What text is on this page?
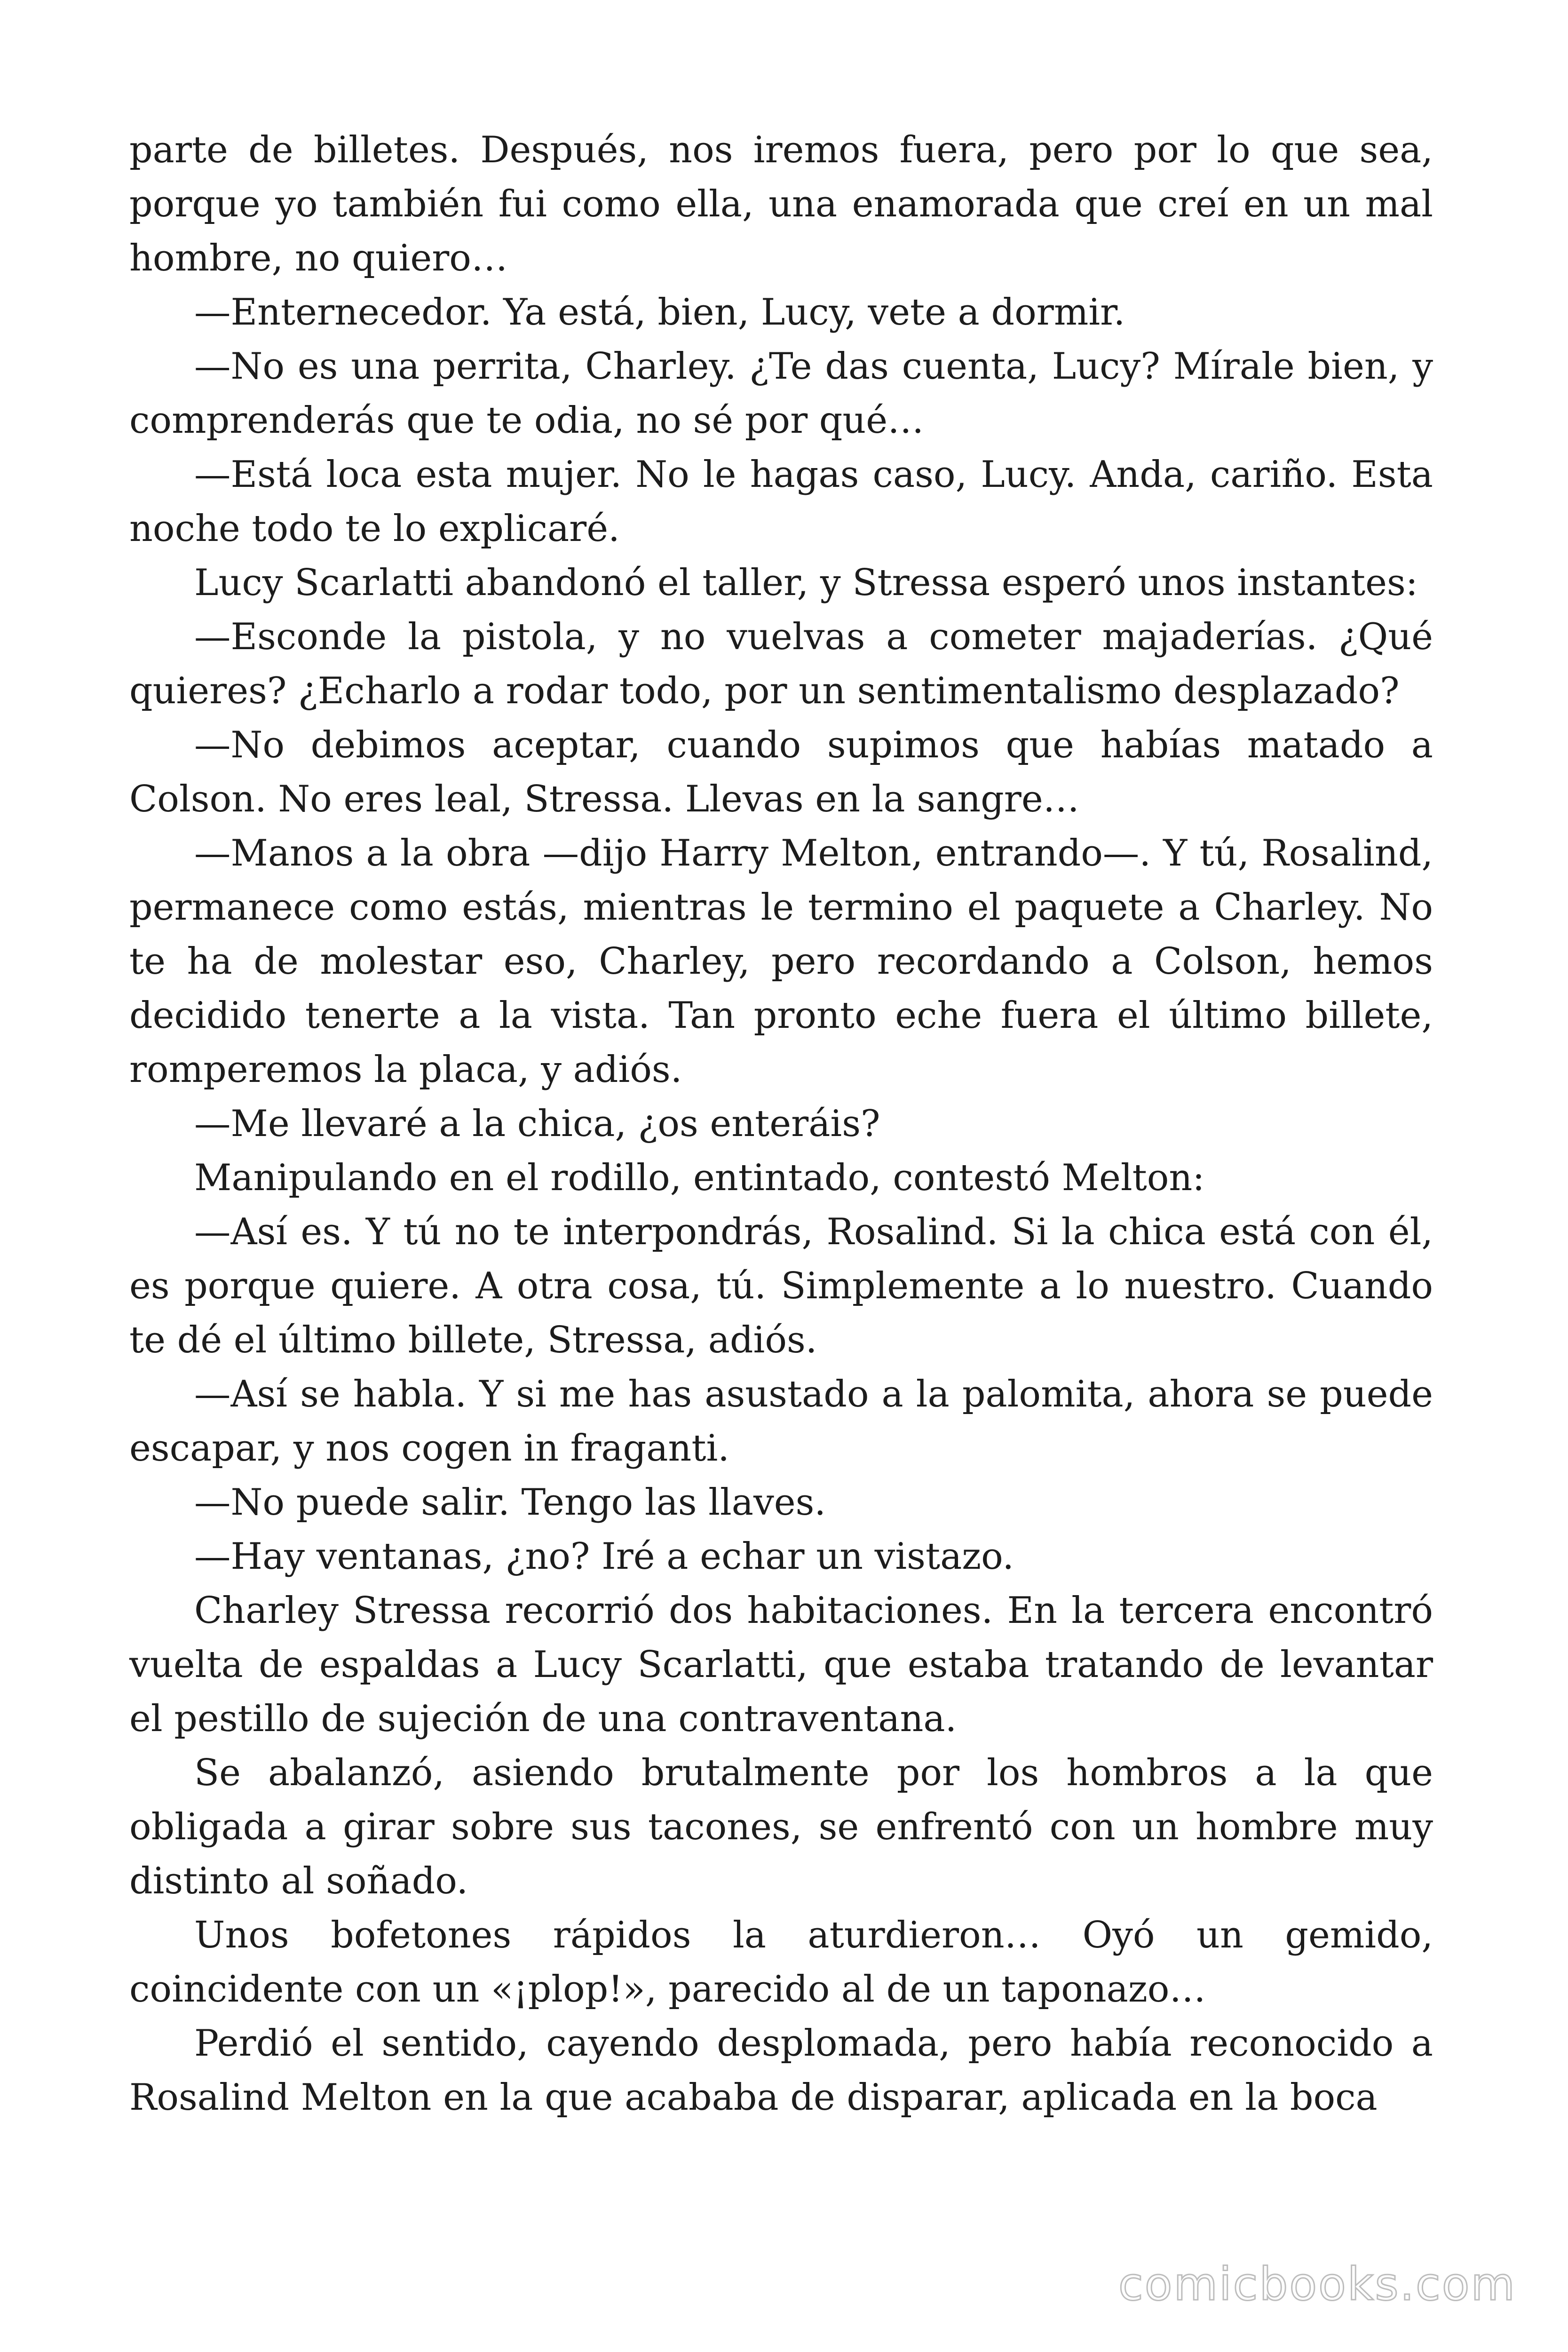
parte de billetes. Después, nos iremos fuera, pero por lo que sea, porque yo también fui como ella, una enamorada que creí en un mal hombre, no quiero…

—Enternecedor. Ya está, bien, Lucy, vete a dormir.

—No es una perrita, Charley. ¿Te das cuenta, Lucy? Mírale bien, y comprenderás que te odia, no sé por qué…

—Está loca esta mujer. No le hagas caso, Lucy. Anda, cariño. Esta noche todo te lo explicaré.

Lucy Scarlatti abandonó el taller, y Stressa esperó unos instantes:

—Esconde la pistola, y no vuelvas a cometer majaderías. ¿Qué quieres? ¿Echarlo a rodar todo, por un sentimentalismo desplazado?

—No debimos aceptar, cuando supimos que habías matado a Colson. No eres leal, Stressa. Llevas en la sangre…

—Manos a la obra —dijo Harry Melton, entrando—. Y tú, Rosalind, permanece como estás, mientras le termino el paquete a Charley. No te ha de molestar eso, Charley, pero recordando a Colson, hemos decidido tenerte a la vista. Tan pronto eche fuera el último billete, romperemos la placa, y adiós.

—Me llevaré a la chica, ¿os enteráis?

Manipulando en el rodillo, entintado, contestó Melton:

—Así es. Y tú no te interpondrás, Rosalind. Si la chica está con él, es porque quiere. A otra cosa, tú. Simplemente a lo nuestro. Cuando te dé el último billete, Stressa, adiós.

—Así se habla. Y si me has asustado a la palomita, ahora se puede escapar, y nos cogen in fraganti.

—No puede salir. Tengo las llaves.

—Hay ventanas, ¿no? Iré a echar un vistazo.

Charley Stressa recorrió dos habitaciones. En la tercera encontró vuelta de espaldas a Lucy Scarlatti, que estaba tratando de levantar el pestillo de sujeción de una contraventana.

Se abalanzó, asiendo brutalmente por los hombros a la que obligada a girar sobre sus tacones, se enfrentó con un hombre muy distinto al soñado.

Unos bofetones rápidos la aturdieron… Oyó un gemido, coincidente con un «¡plop!», parecido al de un taponazo…

Perdió el sentido, cayendo desplomada, pero había reconocido a Rosalind Melton en la que acababa de disparar, aplicada en la boca

comicbooks.com
